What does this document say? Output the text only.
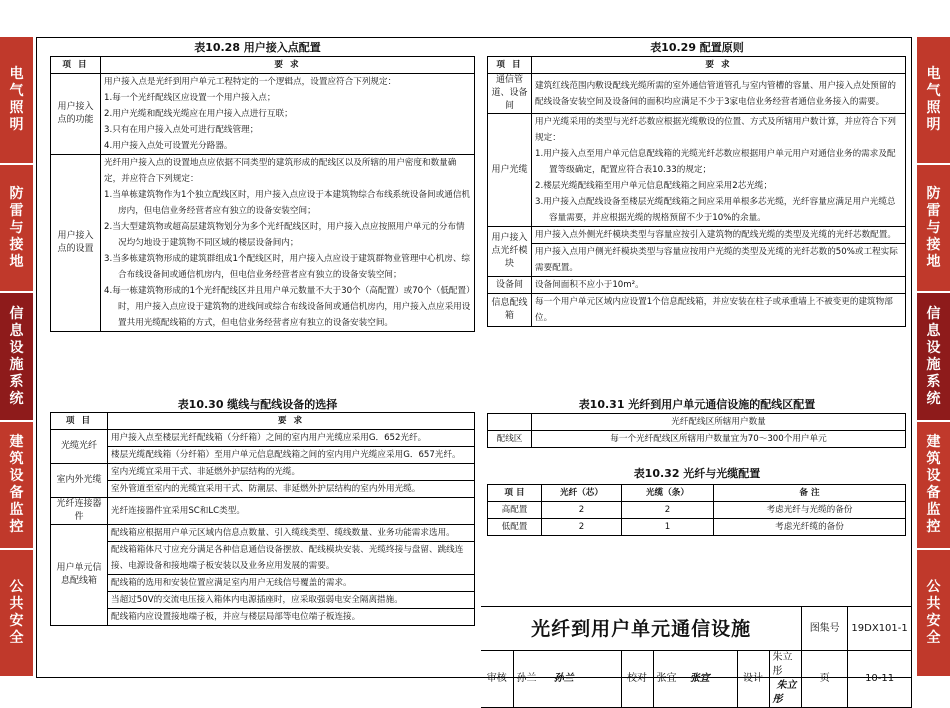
电气照明
防雷与接地
信息设施系统
建筑设备监控
公共安全
电气照明
防雷与接地
信息设施系统
建筑设备监控
公共安全
表10.28 用户接入点配置
项 目	要 求
用户接入点的功能	用户接入点是光纤到用户单元工程特定的一个逻辑点，设置应符合下列规定：
1.每一个光纤配线区应设置一个用户接入点；
2.用户光缆和配线光缆应在用户接入点进行互联；
3.只有在用户接入点处可进行配线管理；
4.用户接入点处可设置光分路器。

用户接入点的设置	光纤用户接入点的设置地点应依据不同类型的建筑形成的配线区以及所辖的用户密度和数量确定，并应符合下列规定：
1.当单栋建筑物作为1个独立配线区时，用户接入点应设于本建筑物综合布线系统设备间或通信机房内，但电信业务经营者应有独立的设备安装空间；
2.当大型建筑物或超高层建筑物划分为多个光纤配线区时，用户接入点应按照用户单元的分布情况均匀地设于建筑物不同区域的楼层设备间内；
3.当多栋建筑物形成的建筑群组成1个配线区时，用户接入点应设于建筑群物业管理中心机房、综合布线设备间或通信机房内，但电信业务经营者应有独立的设备安装空间；
4.每一栋建筑物形成的1个光纤配线区并且用户单元数量不大于30个（高配置）或70个（低配置）时，用户接入点应设于建筑物的进线间或综合布线设备间或通信机房内，用户接入点应采用设置共用光缆配线箱的方式，但电信业务经营者应有独立的设备安装空间。
表10.29 配置原则
项 目	要 求
通信管道、设备间	建筑红线范围内敷设配线光缆所需的室外通信管道管孔与室内管槽的容量、用户接入点处预留的配线设备安装空间及设备间的面积均应满足不少于3家电信业务经营者通信业务接入的需要。
用户光缆	用户光缆采用的类型与光纤芯数应根据光缆敷设的位置、方式及所辖用户数计算，并应符合下列规定：
1.用户接入点至用户单元信息配线箱的光缆光纤芯数应根据用户单元用户对通信业务的需求及配置等级确定，配置应符合表10.33的规定；
2.楼层光缆配线箱至用户单元信息配线箱之间应采用2芯光缆；
3.用户接入点配线设备至楼层光缆配线箱之间应采用单根多芯光缆，光纤容量应满足用户光缆总容量需要，并应根据光缆的规格预留不少于10%的余量。

用户接入点光纤模块	用户接入点外侧光纤模块类型与容量应按引入建筑物的配线光缆的类型及光缆的光纤芯数配置。
	用户接入点用户侧光纤模块类型与容量应按用户光缆的类型及光缆的光纤芯数的50%或工程实际需要配置。
设备间	设备间面积不应小于10m²。
信息配线箱	每一个用户单元区域内应设置1个信息配线箱，并应安装在柱子或承重墙上不被变更的建筑物部位。
表10.30 缆线与配线设备的选择
项 目	要 求
光缆光纤	用户接入点至楼层光纤配线箱（分纤箱）之间的室内用户光缆应采用G．652光纤。
	楼层光缆配线箱（分纤箱）至用户单元信息配线箱之间的室内用户光缆应采用G．657光纤。
室内外光缆	室内光缆宜采用干式、非延燃外护层结构的光缆。
	室外管道至室内的光缆宜采用干式、防潮层、非延燃外护层结构的室内外用光缆。
光纤连接器件	光纤连接器件宜采用SC和LC类型。
用户单元信息配线箱	配线箱应根据用户单元区域内信息点数量、引入缆线类型、缆线数量、业务功能需求选用。
	配线箱箱体尺寸应充分满足各种信息通信设备摆放、配线模块安装、光缆终接与盘留、跳线连接、电源设备和接地端子板安装以及业务应用发展的需要。
	配线箱的选用和安装位置应满足室内用户无线信号覆盖的需求。
	当超过50V的交流电压接入箱体内电源插座时，应采取强弱电安全隔离措施。
	配线箱内应设置接地端子板，并应与楼层局部等电位端子板连接。
表10.31 光纤到用户单元通信设施的配线区配置
	光纤配线区所辖用户数量
配线区	每一个光纤配线区所辖用户数量宜为70～300个用户单元
表10.32 光纤与光缆配置
项 目	光纤（芯）	光缆（条）	备 注
高配置	2	2	考虑光纤与光缆的备份
低配置	2	1	考虑光纤缆的备份
光纤到用户单元通信设施						图集号	19DX101-1
审核	孙兰 孙兰	校对	张宜 张宜	设计	朱立彤 朱立彤	页	10-11
